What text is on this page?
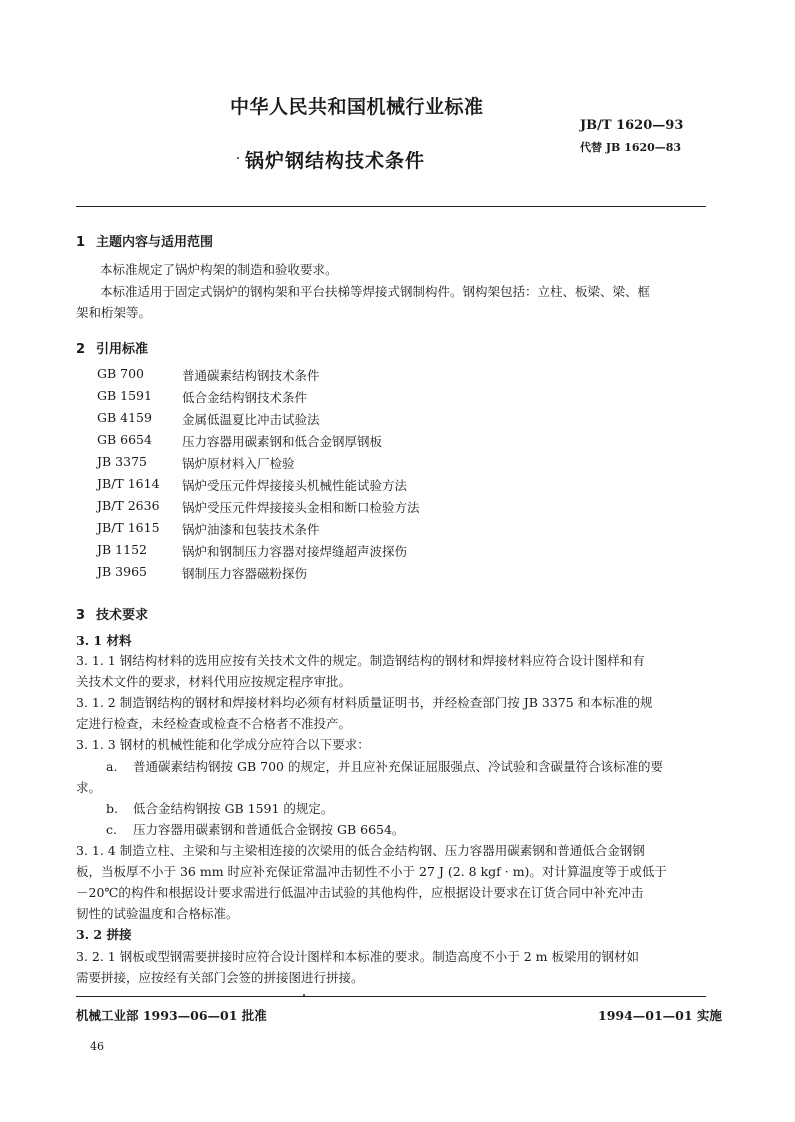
中华人民共和国机械行业标准
JB/T 1620—93
代替 JB 1620—83
锅炉钢结构技术条件
1 主题内容与适用范围
本标准规定了锅炉构架的制造和验收要求。
本标准适用于固定式锅炉的钢构架和平台扶梯等焊接式钢制构件。钢构架包括：立柱、板梁、梁、框
架和桁架等。
2 引用标准
GB 700	普通碳素结构钢技术条件
GB 1591 低合金结构钢技术条件
GB 4159 金属低温夏比冲击试验法
GB 6654 压力容器用碳素钢和低合金钢厚钢板
JB 3375	锅炉原材料入厂检验
JB/T 1614 锅炉受压元件焊接接头机械性能试验方法
JB/T 2636 锅炉受压元件焊接接头金相和断口检验方法
JB/T 1615 锅炉油漆和包装技术条件
JB 1152	锅炉和钢制压力容器对接焊缝超声波探伤
JB 3965	钢制压力容器磁粉探伤
3 技术要求
3. 1 材料
3. 1. 1 钢结构材料的选用应按有关技术文件的规定。制造钢结构的钢材和焊接材料应符合设计图样和有
关技术文件的要求，材料代用应按规定程序审批。
3. 1. 2 制造钢结构的钢材和焊接材料均必须有材料质量证明书，并经检查部门按 JB 3375 和本标准的规
定进行检查，未经检查或检查不合格者不准投产。
3. 1. 3 钢材的机械性能和化学成分应符合以下要求：
a. 普通碳素结构钢按 GB 700 的规定，并且应补充保证屈服强点、冷试验和含碳量符合该标准的要
求。
b. 低合金结构钢按 GB 1591 的规定。
c. 压力容器用碳素钢和普通低合金钢按 GB 6654。
3. 1. 4 制造立柱、主梁和与主梁相连接的次梁用的低合金结构钢、压力容器用碳素钢和普通低合金钢钢
板，当板厚不小于 36 mm 时应补充保证常温冲击韧性不小于 27 J (2. 8 kgf · m)。对计算温度等于或低于
－20℃的构件和根据设计要求需进行低温冲击试验的其他构件，应根据设计要求在订货合同中补充冲击
韧性的试验温度和合格标准。
3. 2 拼接
3. 2. 1 钢板或型钢需要拼接时应符合设计图样和本标准的要求。制造高度不小于 2 m 板梁用的钢材如
需要拼接，应按经有关部门会签的拼接图进行拼接。
机械工业部 1993—06—01 批准	1994—01—01 实施
46
